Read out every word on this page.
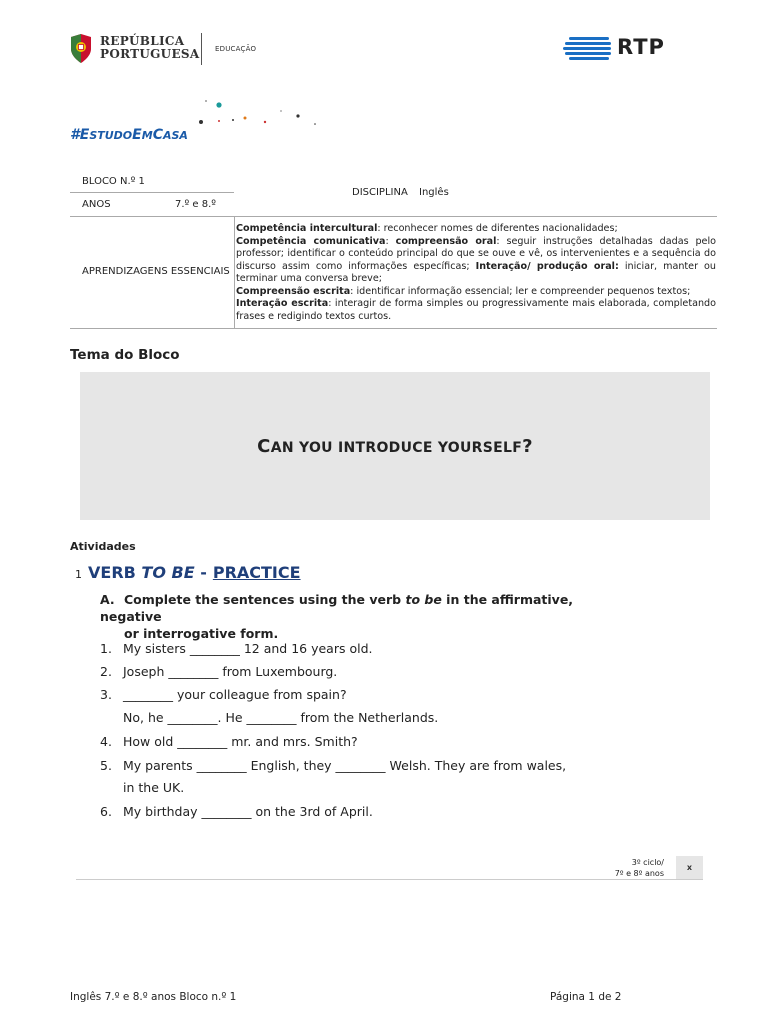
REPÚBLICA
PORTUGUESA EDUCAÇÃO	RTP
#ESTUDOEMCASA
BLOCO N.º 1
ANOS	7.º e 8.º
DISCIPLINA Inglês
APRENDIZAGENS ESSENCIAIS
Competência intercultural: reconhecer nomes de diferentes nacionalidades;
Competência comunicativa: compreensão oral: seguir instruções detalhadas dadas pelo professor; identificar o conteúdo principal do que se ouve e vê, os intervenientes e a sequência do discurso assim como informações específicas; Interação/ produção oral: iniciar, manter ou terminar uma conversa breve;
Compreensão escrita: identificar informação essencial; ler e compreender pequenos textos;
Interação escrita: interagir de forma simples ou progressivamente mais elaborada, completando frases e redigindo textos curtos.
Tema do Bloco
CAN YOU INTRODUCE YOURSELF?
Atividades
1 VERB TO BE - PRACTICE
A. Complete the sentences using the verb to be in the affirmative, negative
or interrogative form.
1. My sisters ________ 12 and 16 years old.
2. Joseph ________ from Luxembourg.
3. ________ your colleague from spain?
No, he ________. He ________ from the Netherlands.
4. How old ________ mr. and mrs. Smith?
5. My parents ________ English, they ________ Welsh. They are from wales,
in the UK.
6. My birthday ________ on the 3rd of April.
3º ciclo/
7º e 8º anos
x
Inglês 7.º e 8.º anos Bloco n.º 1	Página 1 de 2
